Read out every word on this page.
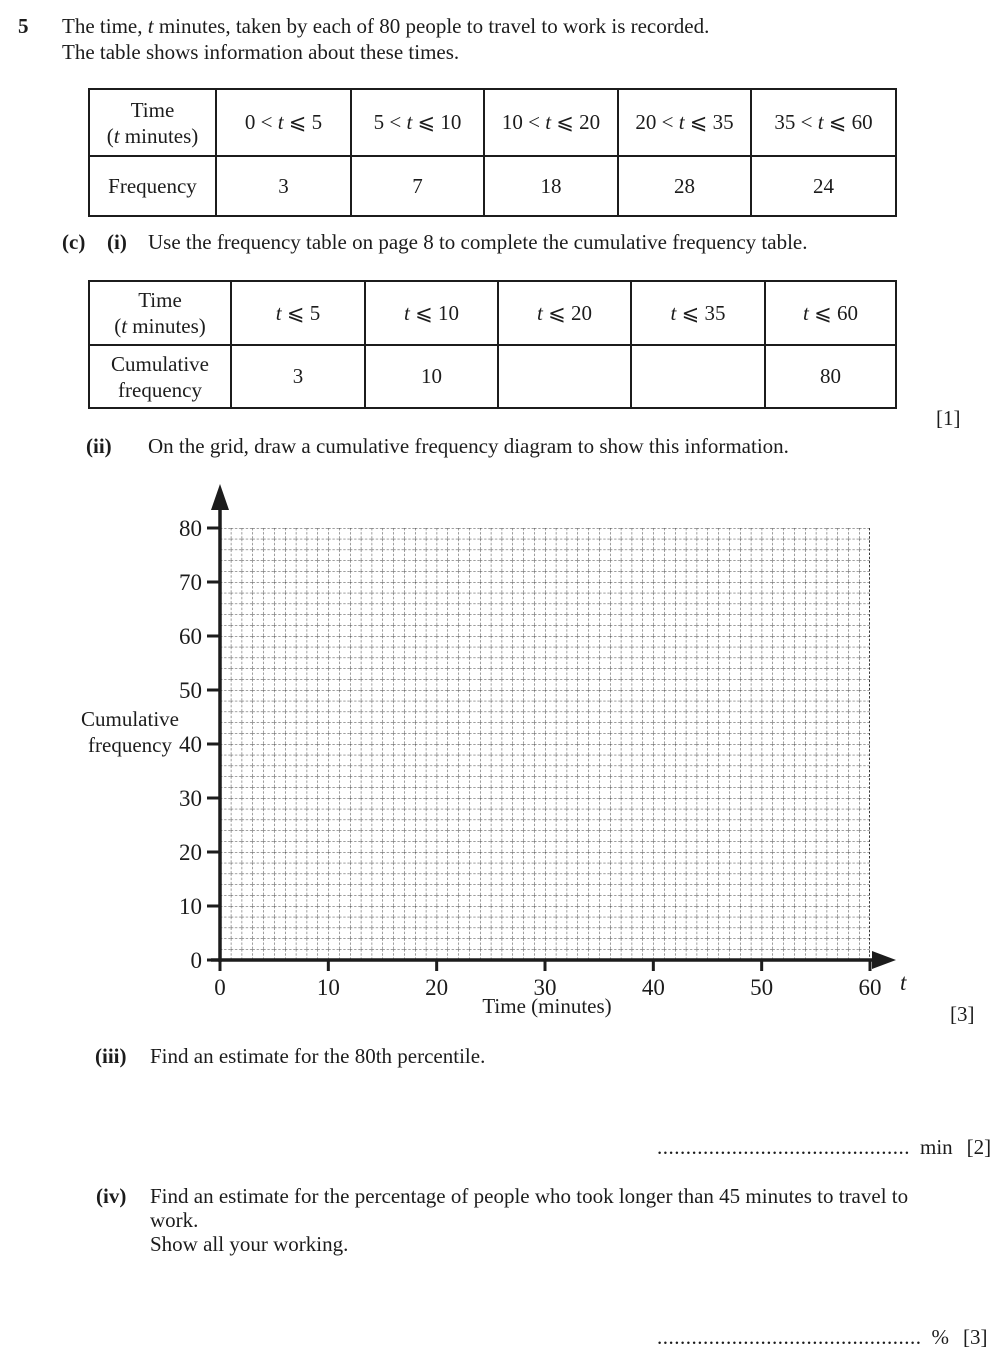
5 The time, t minutes, taken by each of 80 people to travel to work is recorded.
The table shows information about these times.
Time
(t minutes)	0 < t ⩽ 5	5 < t ⩽ 10	10 < t ⩽ 20	20 < t ⩽ 35	35 < t ⩽ 60
Frequency	3	7	18	28	24
(c) (i) Use the frequency table on page 8 to complete the cumulative frequency table.
Time
(t minutes)	t ⩽ 5	t ⩽ 10	t ⩽ 20	t ⩽ 35	t ⩽ 60

Cumulative
frequency	3	10			80
[1]
(ii) On the grid, draw a cumulative frequency diagram to show this information.
80
70
60
50
40
30
20
10
0
0	10	20	30	40	50	60 t
Cumulative
frequency
Time (minutes)	[3]
(iii) Find an estimate for the 80th percentile.
............................................ min [2]
(iv) Find an estimate for the percentage of people who took longer than 45 minutes to travel to
work.
Show all your working.
.............................................. % [3]
